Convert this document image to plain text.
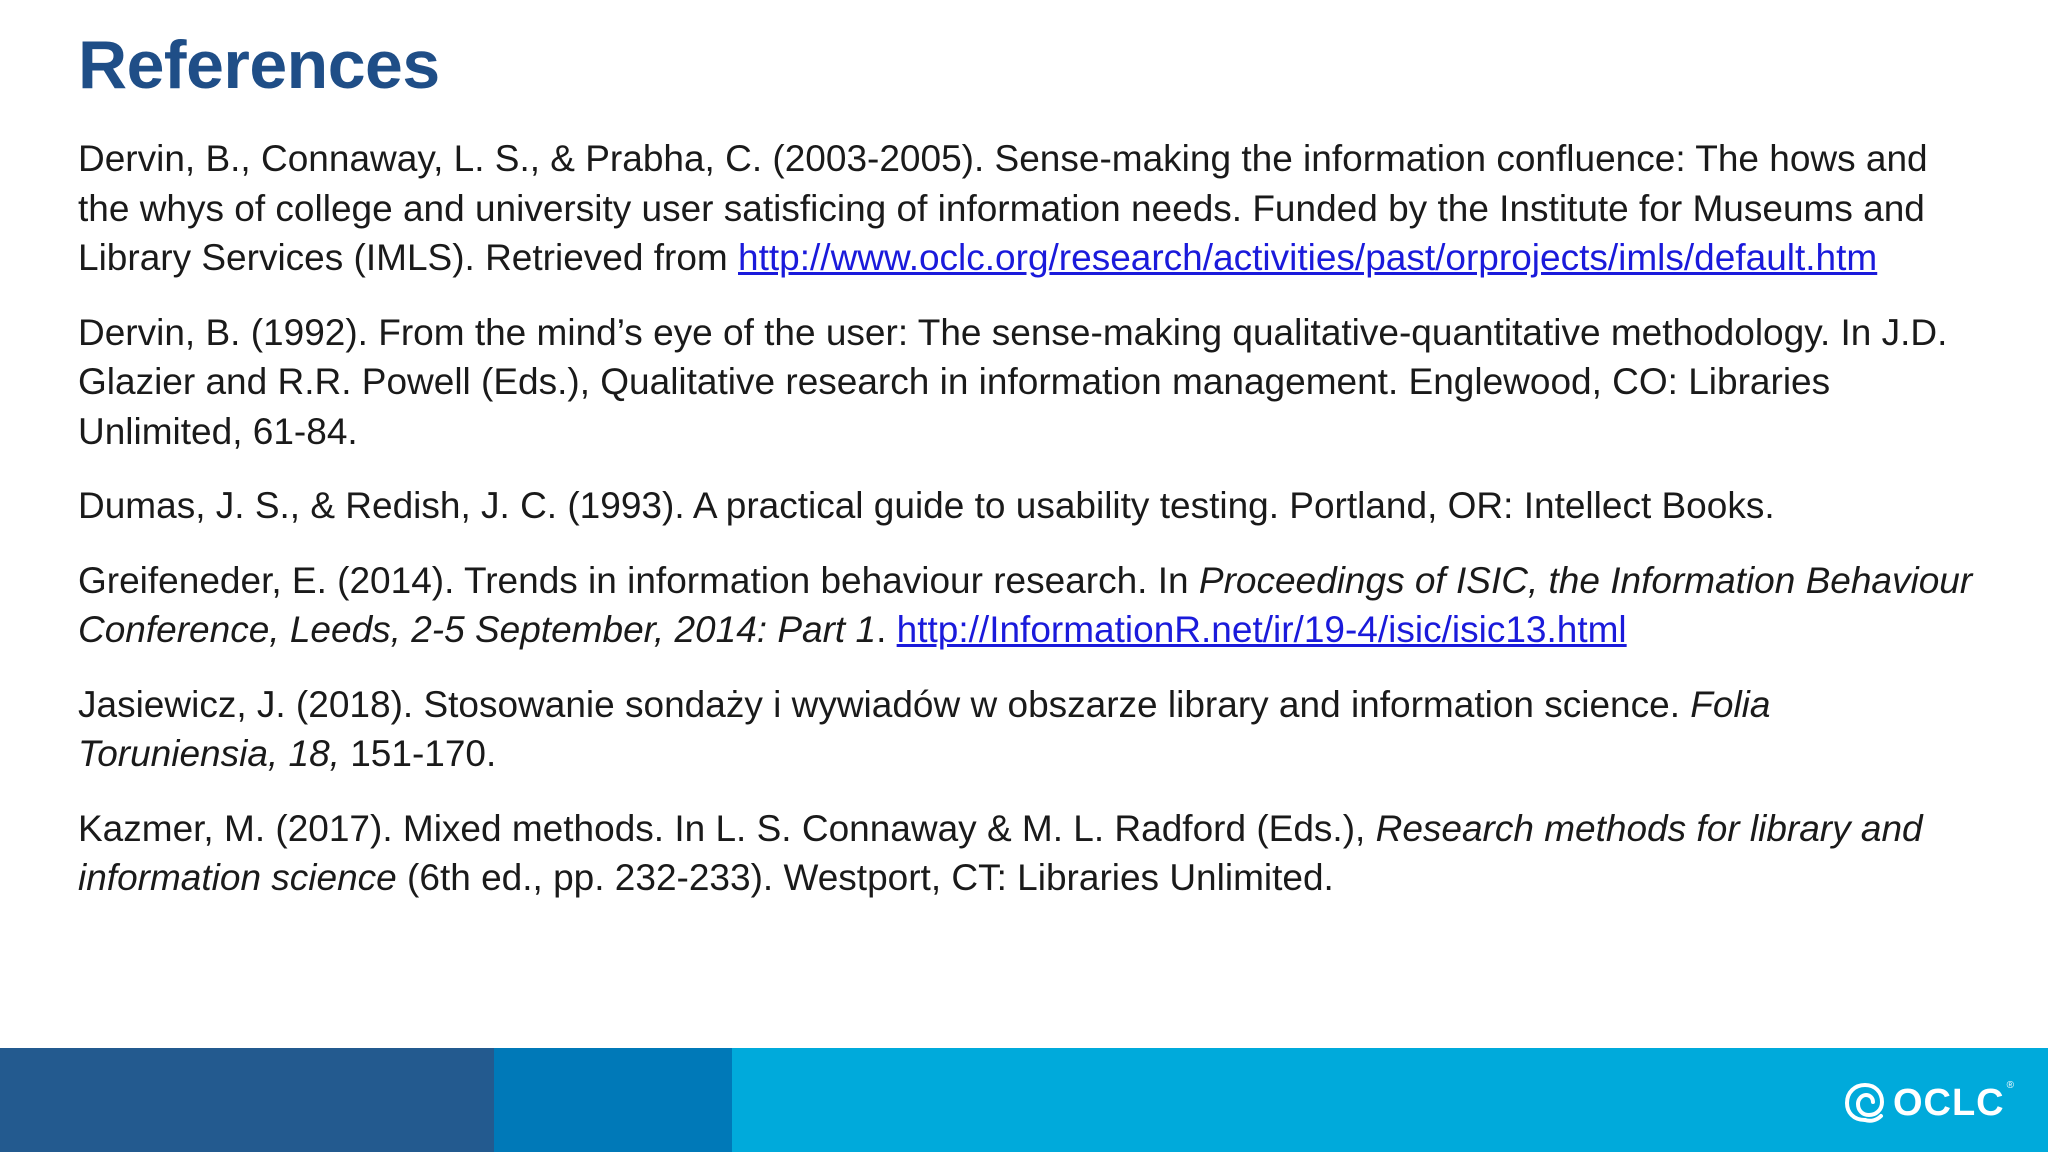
References

Dervin, B., Connaway, L. S., & Prabha, C. (2003-2005). Sense-making the information confluence: The hows and the whys of college and university user satisficing of information needs. Funded by the Institute for Museums and Library Services (IMLS). Retrieved from http://www.oclc.org/research/activities/past/orprojects/imls/default.htm

Dervin, B. (1992). From the mind’s eye of the user: The sense-making qualitative-quantitative methodology. In J.D. Glazier and R.R. Powell (Eds.), Qualitative research in information management. Englewood, CO: Libraries Unlimited, 61-84.

Dumas, J. S., & Redish, J. C. (1993). A practical guide to usability testing. Portland, OR: Intellect Books.

Greifeneder, E. (2014). Trends in information behaviour research. In Proceedings of ISIC, the Information Behaviour Conference, Leeds, 2-5 September, 2014: Part 1. http://InformationR.net/ir/19-4/isic/isic13.html

Jasiewicz, J. (2018). Stosowanie sondaży i wywiadów w obszarze library and information science. Folia Toruniensia, 18, 151-170.

Kazmer, M. (2017). Mixed methods. In L. S. Connaway & M. L. Radford (Eds.), Research methods for library and information science (6th ed., pp. 232-233). Westport, CT: Libraries Unlimited.

OCLC ®
